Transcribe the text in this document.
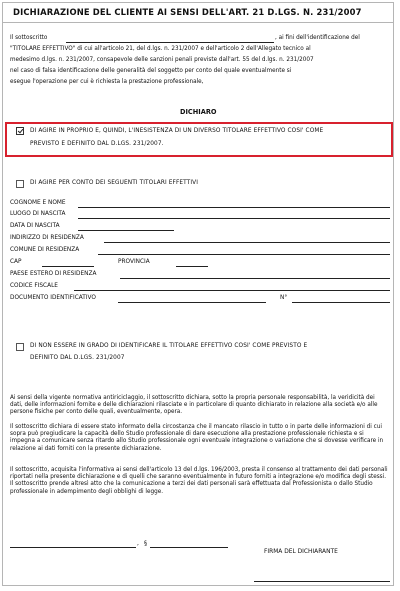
DICHIARAZIONE DEL CLIENTE AI SENSI DELL'ART. 21 D.LGS. N. 231/2007
Il sottoscritto	, ai fini dell'identificazione del
"TITOLARE EFFETTIVO" di cui all'articolo 21, del d.lgs. n. 231/2007 e dell'articolo 2 dell'Allegato tecnico al
medesimo d.lgs. n. 231/2007, consapevole delle sanzioni penali previste dall'art. 55 del d.lgs. n. 231/2007
nel caso di falsa identificazione delle generalità del soggetto per conto del quale eventualmente si
esegue l'operazione per cui è richiesta la prestazione professionale,
DICHIARO
DI AGIRE IN PROPRIO E, QUINDI, L'INESISTENZA DI UN DIVERSO TITOLARE EFFETTIVO COSI' COME
PREVISTO E DEFINITO DAL D.LGS. 231/2007.
DI AGIRE PER CONTO DEI SEGUENTI TITOLARI EFFETTIVI
COGNOME E NOME
LUOGO DI NASCITA
DATA DI NASCITA
INDIRIZZO DI RESIDENZA
COMUNE DI RESIDENZA
CAP	PROVINCIA
PAESE ESTERO DI RESIDENZA
CODICE FISCALE
DOCUMENTO IDENTIFICATIVO	N°
DI NON ESSERE IN GRADO DI IDENTIFICARE IL TITOLARE EFFETTIVO COSI' COME PREVISTO E
DEFINITO DAL D.LGS. 231/2007
Ai sensi della vigente normativa antiriciclaggio, il sottoscritto dichiara, sotto la propria personale responsabilità, la veridicità dei dati, delle informazioni fornite e delle dichiarazioni rilasciate e in particolare di quanto dichiarato in relazione alla società e/o alle persone fisiche per conto delle quali, eventualmente, opera.
Il sottoscritto dichiara di essere stato informato della circostanza che il mancato rilascio in tutto o in parte delle informazioni di cui sopra può pregiudicare la capacità dello Studio professionale di dare esecuzione alla prestazione professionale richiesta e si impegna a comunicare senza ritardo allo Studio professionale ogni eventuale integrazione o variazione che si dovesse verificare in relazione ai dati forniti con la presente dichiarazione.
Il sottoscritto, acquisita l'informativa ai sensi dell'articolo 13 del d.lgs. 196/2003, presta il consenso al trattamento dei dati personali riportati nella presente dichiarazione e di quelli che saranno eventualmente in futuro forniti a integrazione e/o modifica degli stessi. Il sottoscritto prende altresì atto che la comunicazione a terzi dei dati personali sarà effettuata dal Professionista o dallo Studio professionale in adempimento degli obblighi di legge.
, §
FIRMA DEL DICHIARANTE
